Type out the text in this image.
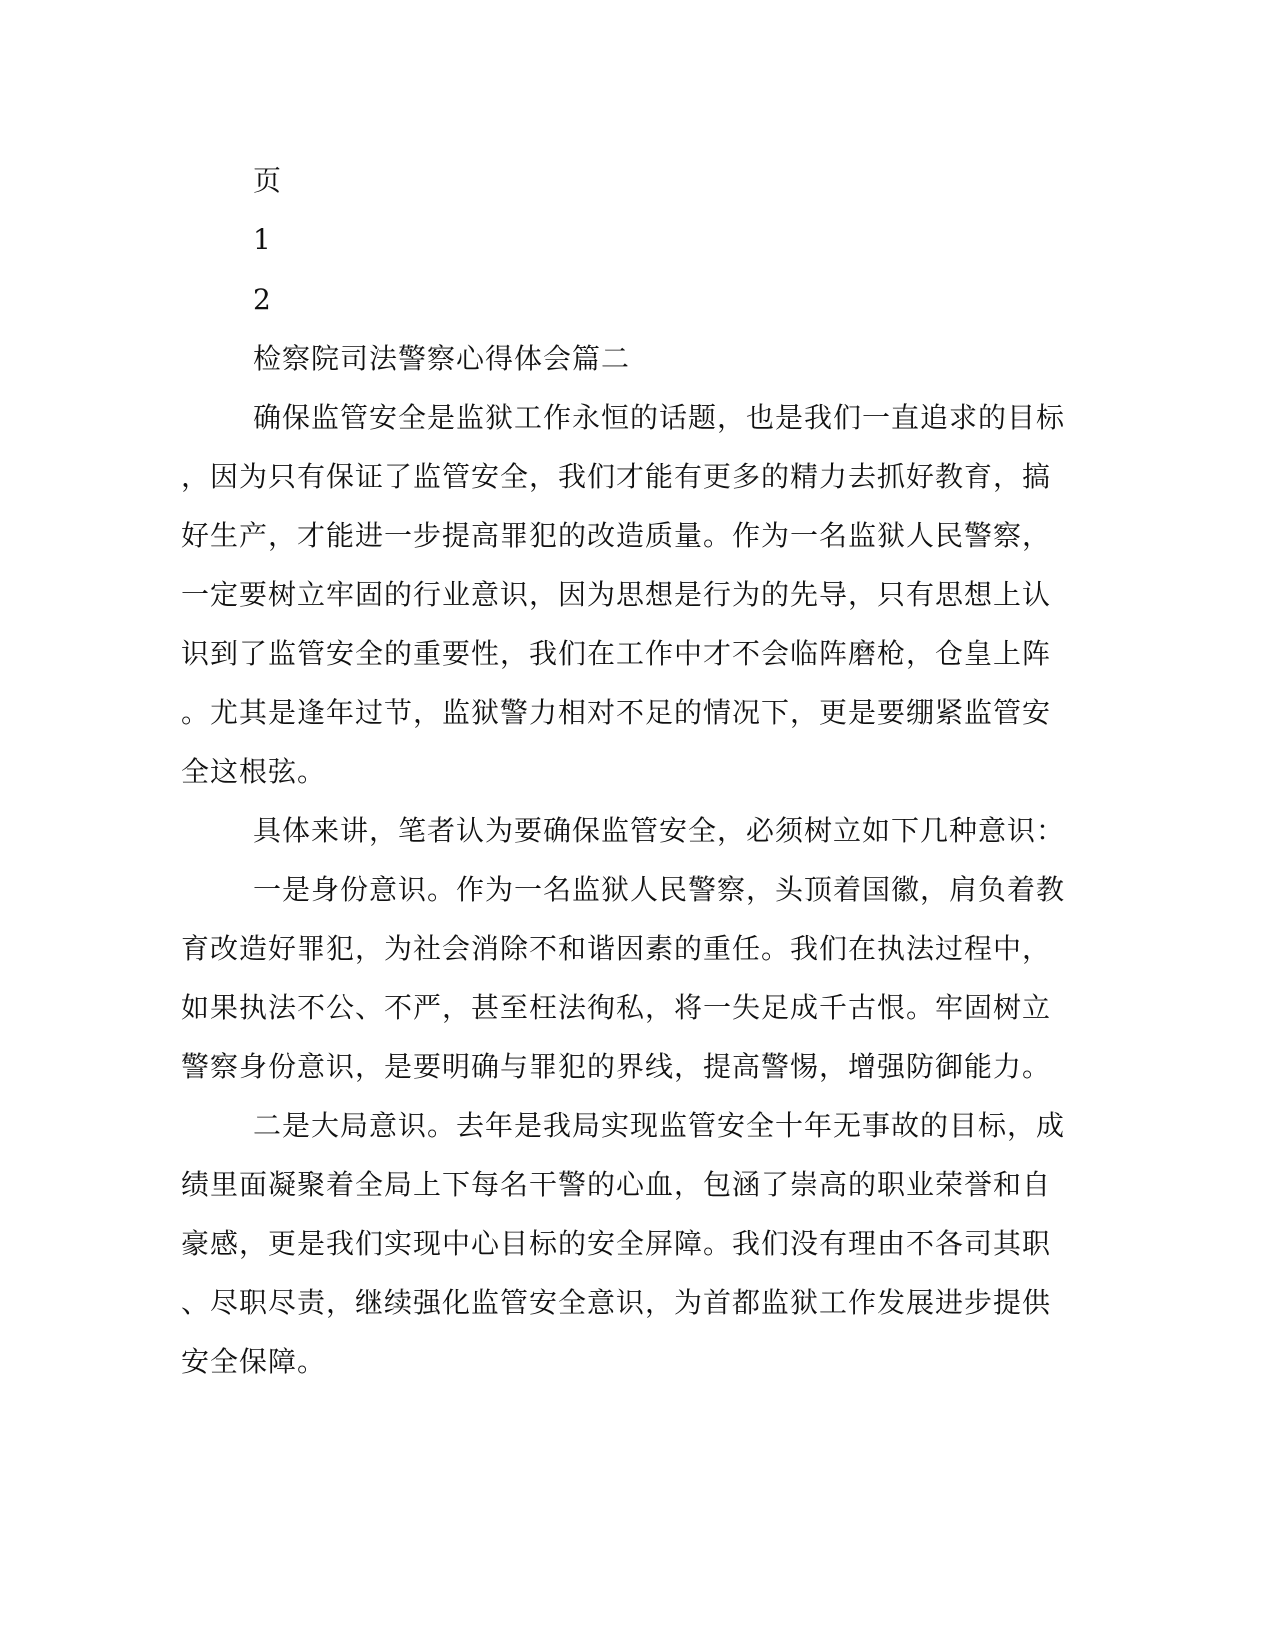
页
1
2
检察院司法警察心得体会篇二
确保监管安全是监狱工作永恒的话题，也是我们一直追求的目标
，因为只有保证了监管安全，我们才能有更多的精力去抓好教育，搞
好生产，才能进一步提高罪犯的改造质量。作为一名监狱人民警察，
一定要树立牢固的行业意识，因为思想是行为的先导，只有思想上认
识到了监管安全的重要性，我们在工作中才不会临阵磨枪，仓皇上阵
。尤其是逢年过节，监狱警力相对不足的情况下，更是要绷紧监管安
全这根弦。
具体来讲，笔者认为要确保监管安全，必须树立如下几种意识：
一是身份意识。作为一名监狱人民警察，头顶着国徽，肩负着教
育改造好罪犯，为社会消除不和谐因素的重任。我们在执法过程中，
如果执法不公、不严，甚至枉法徇私，将一失足成千古恨。牢固树立
警察身份意识，是要明确与罪犯的界线，提高警惕，增强防御能力。
二是大局意识。去年是我局实现监管安全十年无事故的目标，成
绩里面凝聚着全局上下每名干警的心血，包涵了崇高的职业荣誉和自
豪感，更是我们实现中心目标的安全屏障。我们没有理由不各司其职
、尽职尽责，继续强化监管安全意识，为首都监狱工作发展进步提供
安全保障。
